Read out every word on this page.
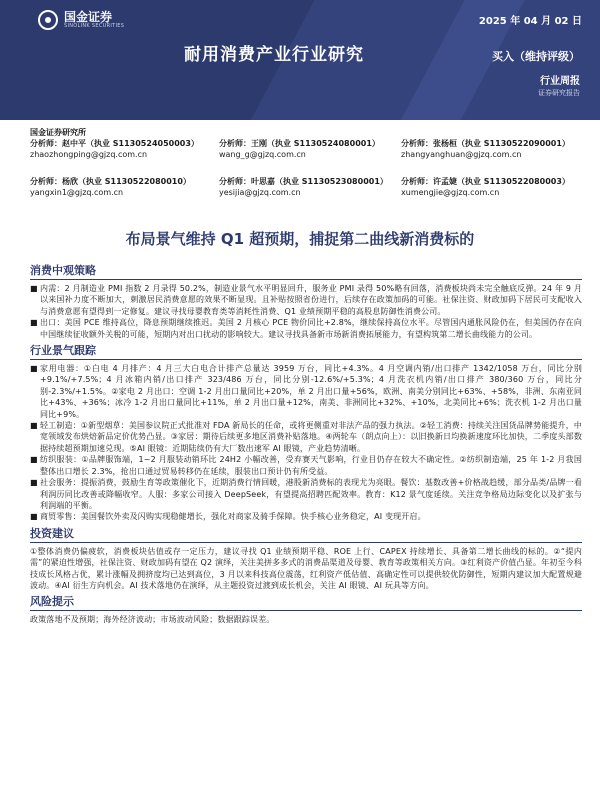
国金证券
SINOLINK SECURITIES	2025 年 04 月 02 日
耐用消费产业行业研究	买入（维持评级）
行业周报
证券研究报告
国金证券研究所
分析师：赵中平（执业 S1130524050003）
zhaozhongping@gjzq.com.cn
分析师：王刚（执业 S1130524080001）
wang_g@gjzq.com.cn
分析师：张杨桓（执业 S1130522090001）
zhangyanghuan@gjzq.com.cn
分析师：杨欣（执业 S1130522080010）
yangxin1@gjzq.com.cn
分析师：叶思嘉（执业 S1130523080001）
yesijia@gjzq.com.cn
分析师：许孟婕（执业 S1130522080003）
xumengjie@gjzq.com.cn
布局景气维持 Q1 超预期，捕捉第二曲线新消费标的
消费中观策略
■ 内需：2 月制造业 PMI 指数 2 月录得 50.2%，制造业景气水平明显回升，服务业 PMI 录得 50%略有回落，消费板块尚未完全触底反弹。24 年 9 月以来国补力度不断加大，刺激居民消费意愿的效果不断显现。且补贴按照省份进行，后续存在政策加码的可能。社保注资、财政加码下居民可支配收入与消费意愿有望得到一定修复。建议寻找母婴教育类等消耗性消费、Q1 业绩预期平稳的高股息防御性消费公司。
■ 出口：美国 PCE 维持高位，降息预期继续推迟。美国 2 月核心 PCE 物价同比+2.8%，继续保持高位水平。尽管国内通胀风险仍在，但美国仍存在向中国继续征收额外关税的可能，短期内对出口扰动的影响较大。建议寻找具备新市场新消费拓展能力，有望构筑第二增长曲线能力的公司。
行业景气跟踪
■ 家用电器：①白电 4 月排产：4 月三大白电合计排产总量达 3959 万台，同比+4.3%。4 月空调内销/出口排产 1342/1058 万台，同比分别+9.1%/+7.5%；4 月冰箱内销/出口排产 323/486 万台，同比分别-12.6%/+5.3%；4 月洗衣机内销/出口排产 380/360 万台，同比分别-2.3%/+1.5%。②家电 2 月出口：空调 1-2 月出口量同比+20%，单 2 月出口量+56%，欧洲、南美分别同比+63%、+58%，非洲、东南亚同比+43%、+36%；冰冷 1-2 月出口量同比+11%，单 2 月出口量+12%，南美、非洲同比+32%、+10%，北美同比+6%；洗衣机 1-2 月出口量同比+9%。
■ 轻工制造：①新型烟草：美国参议院正式批准对 FDA 新局长的任命，或将更侧重对非法产品的强力执法。②轻工消费：持续关注国货品牌势能提升，中宽领域发布烘焙新品定价优势凸显。③家居：期待后续更多地区消费补贴落地。④两轮车（朗点向上）：以旧换新日均换新速度环比加快，二季度头部数据持续超预期加速兑现。⑤AI 眼镜：近期陆续仍有大厂数出速军 AI 眼镜，产业趋势清晰。
■ 纺织服装：①品牌服饰端，1~2 月服装动销环比 24H2 小幅改善，受弃赛天气影响，行业目仍存在较大不确定性。②纺织制造端，25 年 1-2 月我国整体出口增长 2.3%，抢出口通过贸易转移仍在延续，服装出口预计仍有所受益。
■ 社会服务：提振消费，鼓励生育等政策催化下，近期消费行情回暖，港股新消费标的表现尤为亮眼。餐饮：基数改善+价格战趋缓，部分品类/品牌一看利润历同比改善或降幅收窄。人服：多家公司接入 DeepSeek，有望提高招聘匹配效率。教育：K12 景气度延续。关注竞争格局边际变化以及扩张与利润端的平衡。
■ 商贸零售：美国餐饮外卖及闪购实现稳健增长，强化对商家及骑手保障。快手核心业务稳定，AI 变现开启。
投资建议
①整体消费仍偏疲软，消费板块估值或存一定压力，建议寻找 Q1 业绩预期平稳、ROE 上行、CAPEX 持续增长、具备第二增长曲线的标的。②“提内需”的紧迫性增强，社保注资、财政加码有望在 Q2 演绎，关注美拼多多式的消费品渠道及母婴、教育等政策相关方向。③红利资产价值凸显。年初至今科技成长风格占优，累计涨幅及拥挤度均已达到高位，3 月以来科技高位震荡，红利资产低估值、高确定性可以提供较优防御性，短期内建议加大配置规避波动。④AI 衍生方向机会。AI 技术落地仍在演绎，从主题投资过渡到成长机会，关注 AI 眼镜、AI 玩具等方向。
风险提示
政策落地不及预期；海外经济波动；市场波动风险；数据跟踪误差。
